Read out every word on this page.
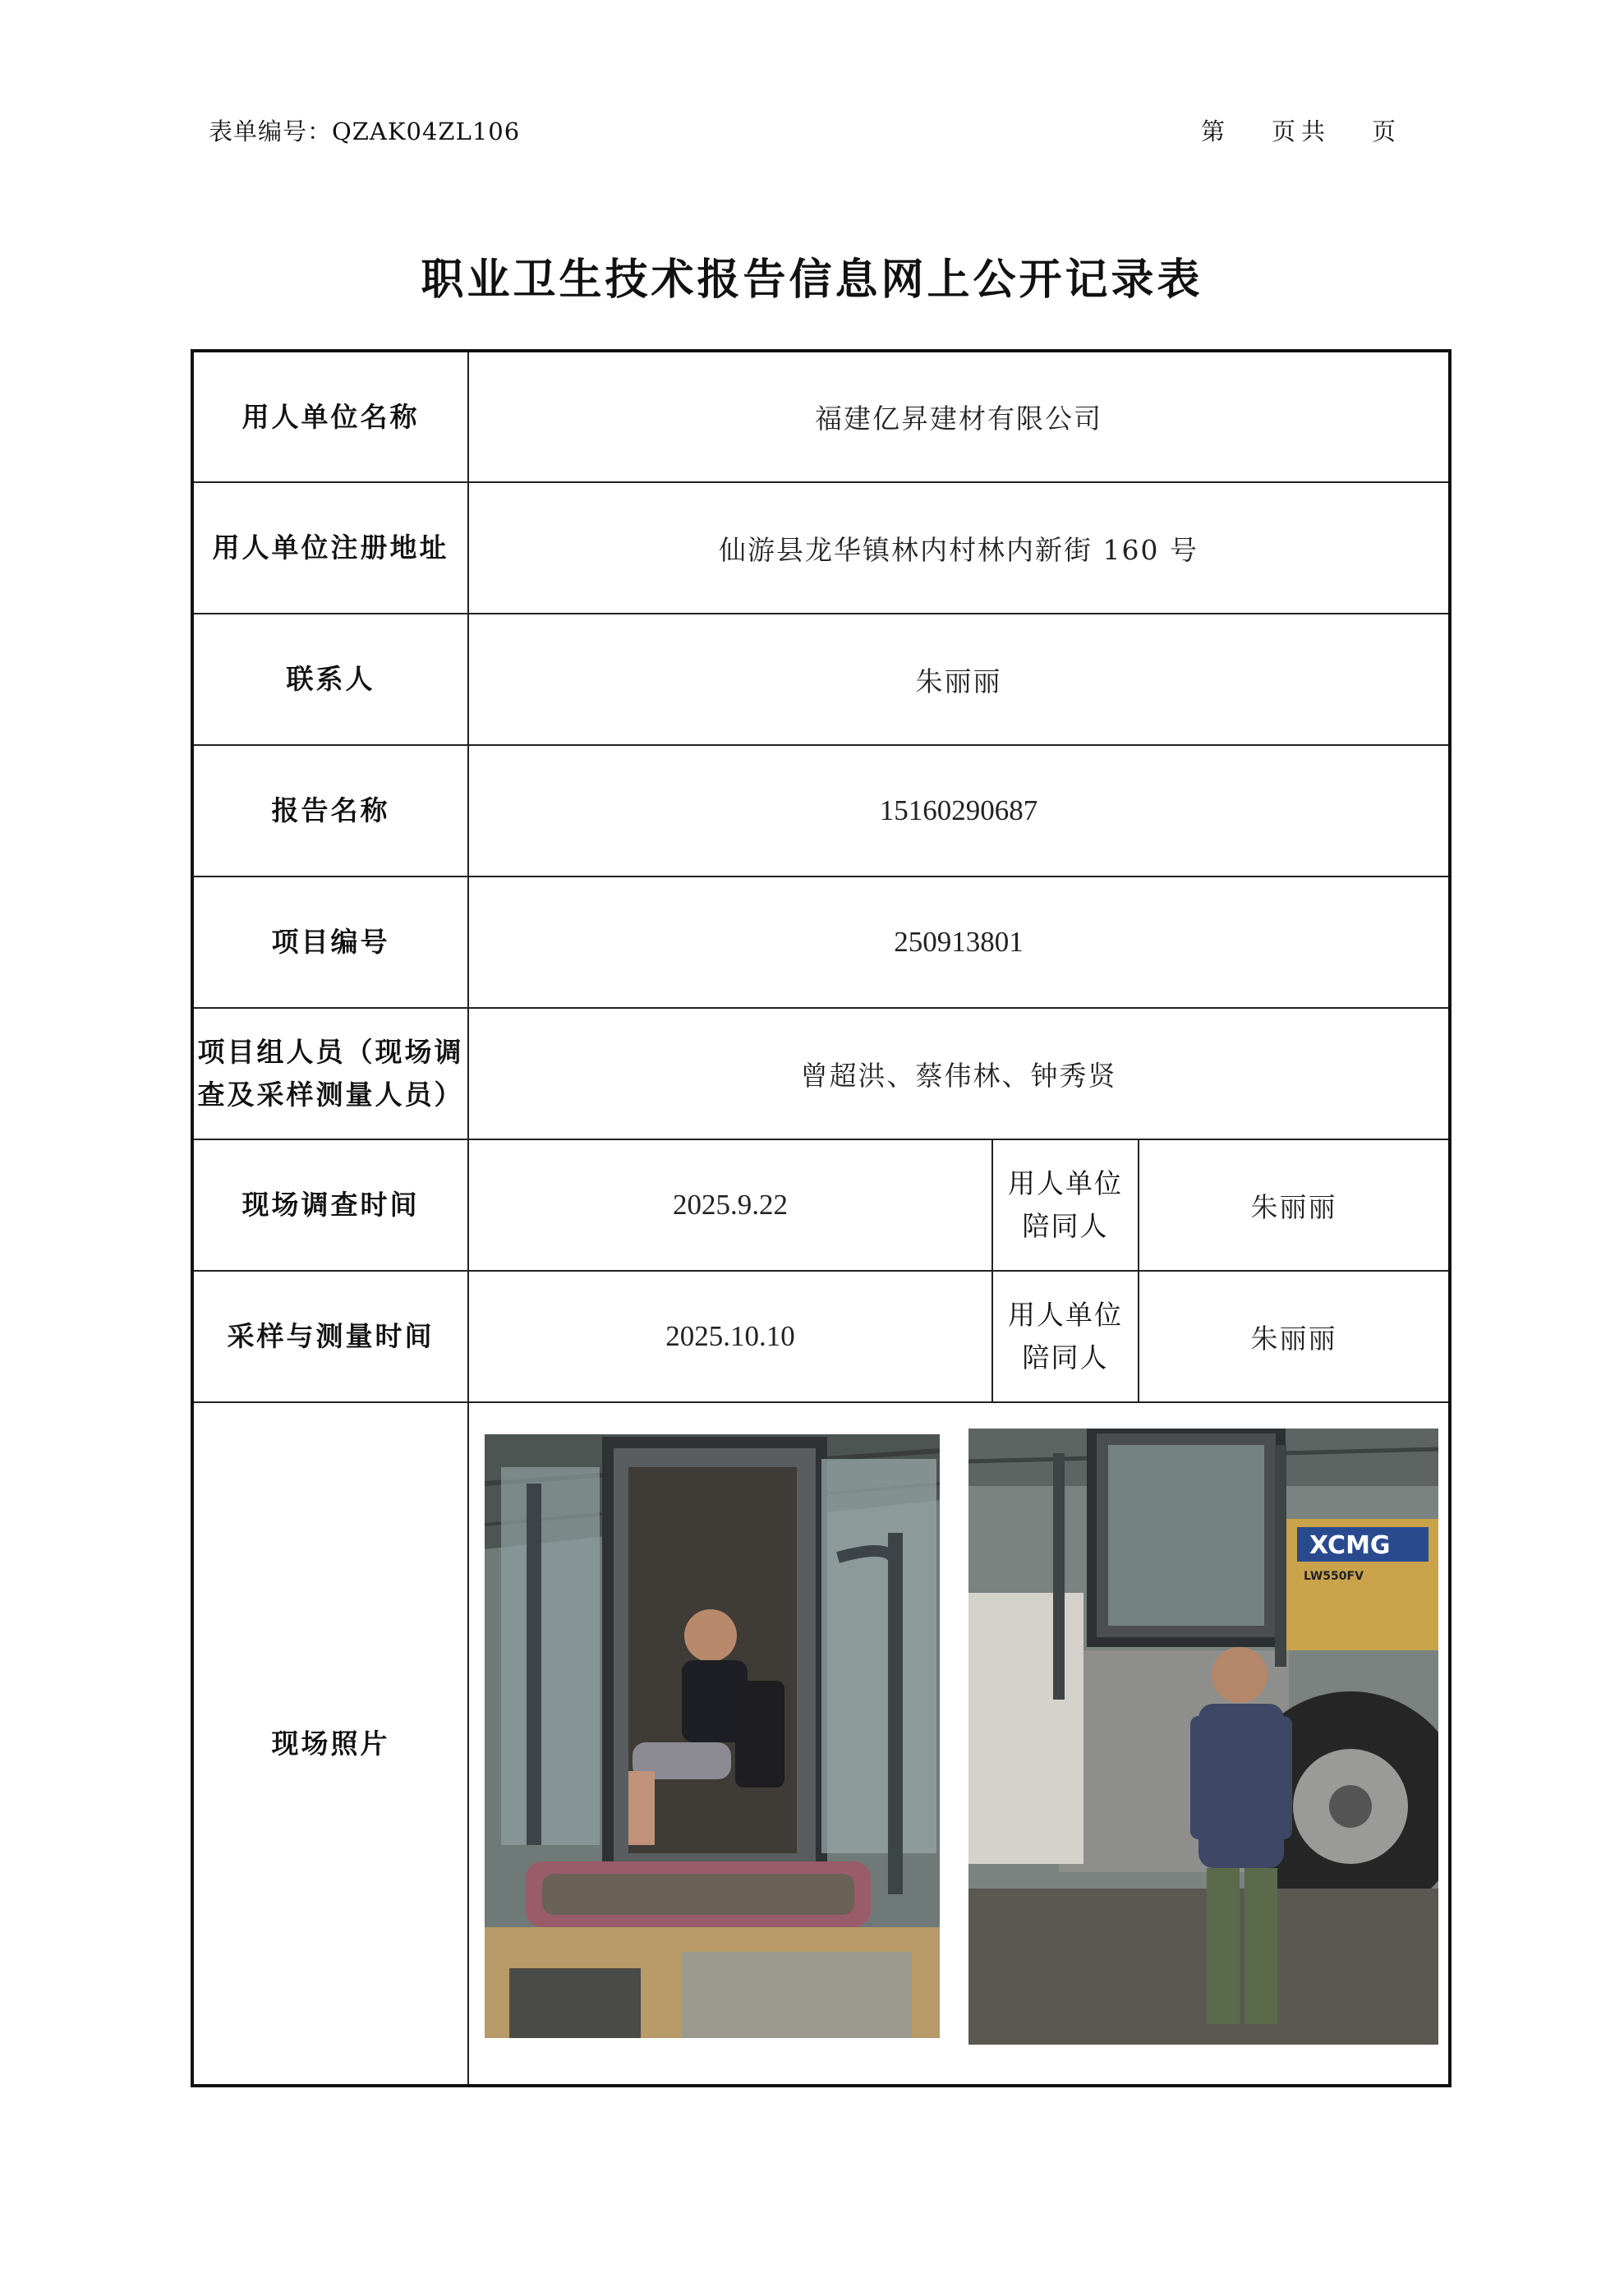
表单编号：QZAK04ZL106	第 页 共 页
职业卫生技术报告信息网上公开记录表
用人单位名称	福建亿昇建材有限公司		
用人单位注册地址	仙游县龙华镇林内村林内新街 160 号		
联系人	朱丽丽		
报告名称	15160290687		
项目编号	250913801		

项目组人员（现场调
查及采样测量人员）	曾超洪、蔡伟林、钟秀贤		
现场调查时间	2025.9.22	用人单位
陪同人	朱丽丽
采样与测量时间	2025.10.10	用人单位
陪同人	朱丽丽
现场照片	XCMG
LW550FV		
